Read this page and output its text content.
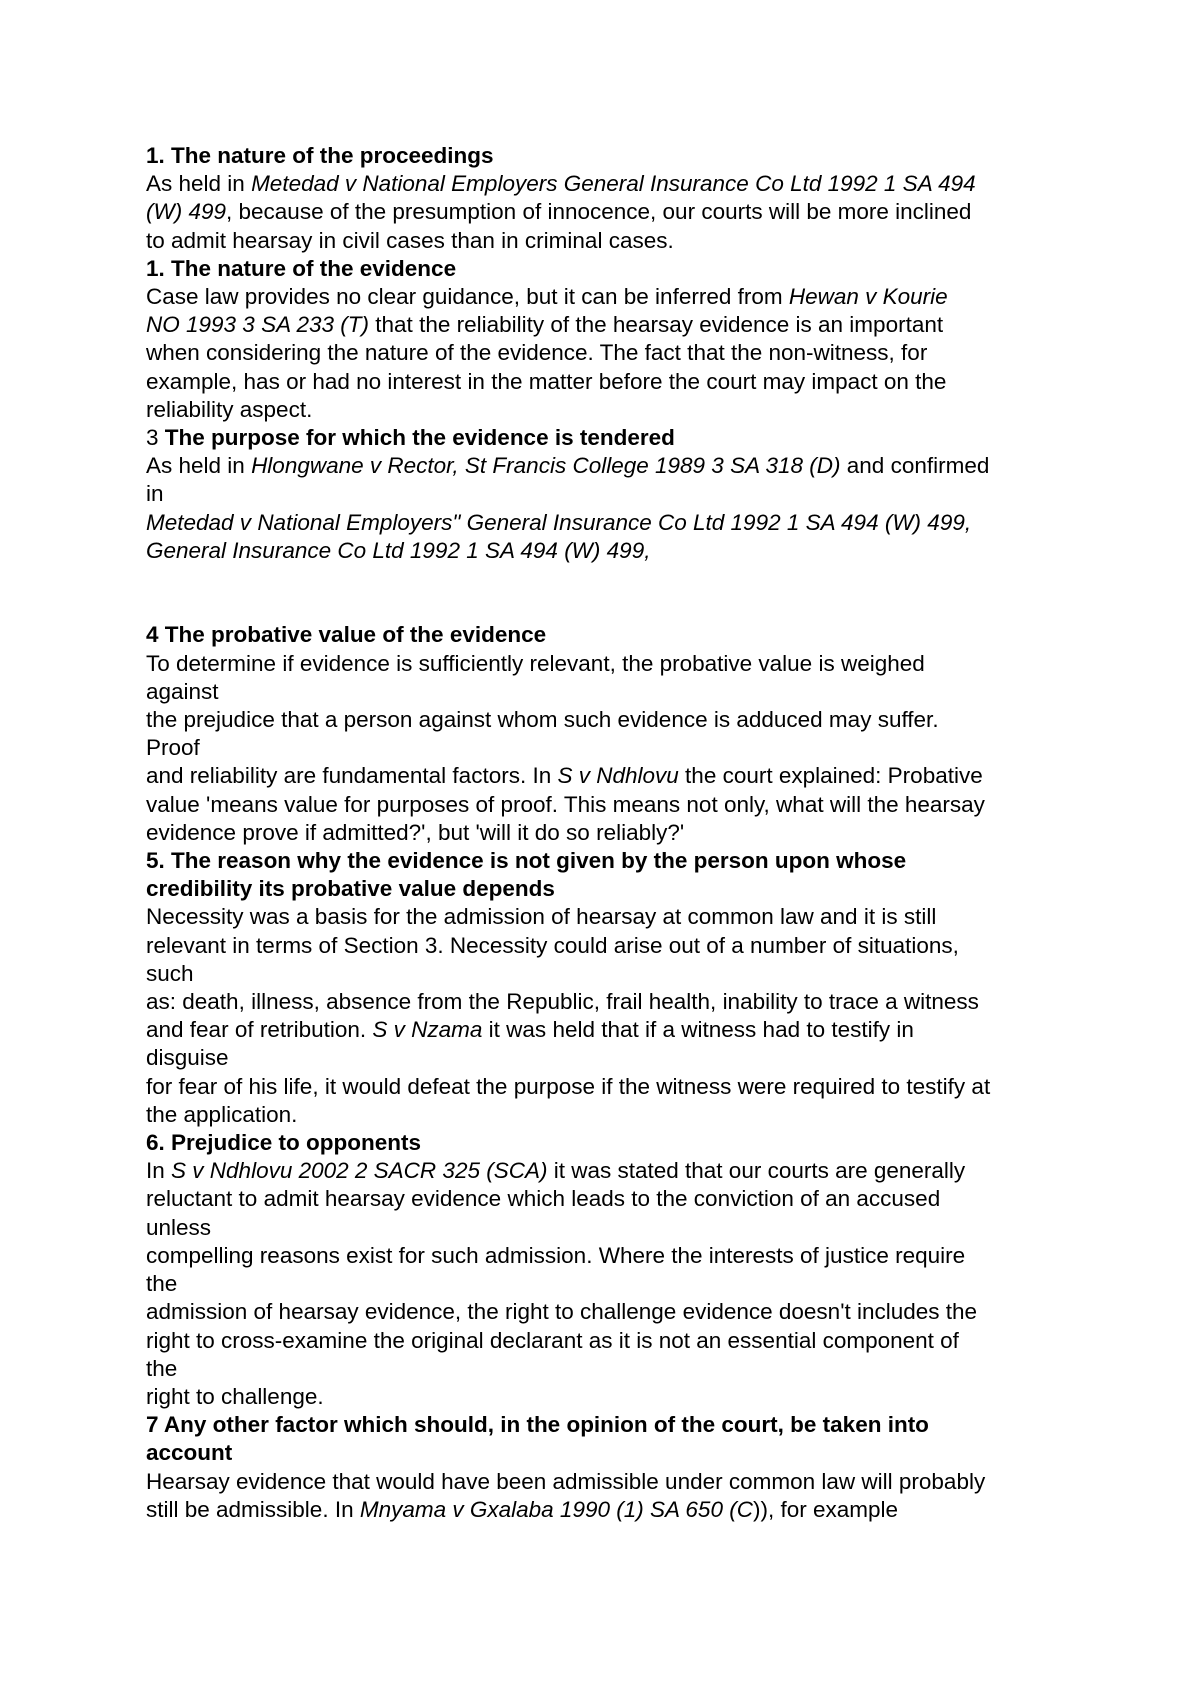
1. The nature of the proceedings
As held in Metedad v National Employers General Insurance Co Ltd 1992 1 SA 494
(W) 499, because of the presumption of innocence, our courts will be more inclined
to admit hearsay in civil cases than in criminal cases.
1. The nature of the evidence
Case law provides no clear guidance, but it can be inferred from Hewan v Kourie
NO 1993 3 SA 233 (T) that the reliability of the hearsay evidence is an important
when considering the nature of the evidence. The fact that the non-witness, for
example, has or had no interest in the matter before the court may impact on the
reliability aspect.
3 The purpose for which the evidence is tendered
As held in Hlongwane v Rector, St Francis College 1989 3 SA 318 (D) and confirmed
in
Metedad v National Employers" General Insurance Co Ltd 1992 1 SA 494 (W) 499,
General Insurance Co Ltd 1992 1 SA 494 (W) 499,
4 The probative value of the evidence
To determine if evidence is sufficiently relevant, the probative value is weighed
against
the prejudice that a person against whom such evidence is adduced may suffer.
Proof
and reliability are fundamental factors. In S v Ndhlovu the court explained: Probative
value 'means value for purposes of proof. This means not only, what will the hearsay
evidence prove if admitted?', but 'will it do so reliably?'
5. The reason why the evidence is not given by the person upon whose
credibility its probative value depends
Necessity was a basis for the admission of hearsay at common law and it is still
relevant in terms of Section 3. Necessity could arise out of a number of situations,
such
as: death, illness, absence from the Republic, frail health, inability to trace a witness
and fear of retribution. S v Nzama it was held that if a witness had to testify in
disguise
for fear of his life, it would defeat the purpose if the witness were required to testify at
the application.
6. Prejudice to opponents
In S v Ndhlovu 2002 2 SACR 325 (SCA) it was stated that our courts are generally
reluctant to admit hearsay evidence which leads to the conviction of an accused
unless
compelling reasons exist for such admission. Where the interests of justice require
the
admission of hearsay evidence, the right to challenge evidence doesn't includes the
right to cross-examine the original declarant as it is not an essential component of
the
right to challenge.
7 Any other factor which should, in the opinion of the court, be taken into
account
Hearsay evidence that would have been admissible under common law will probably
still be admissible. In Mnyama v Gxalaba 1990 (1) SA 650 (C)), for example
